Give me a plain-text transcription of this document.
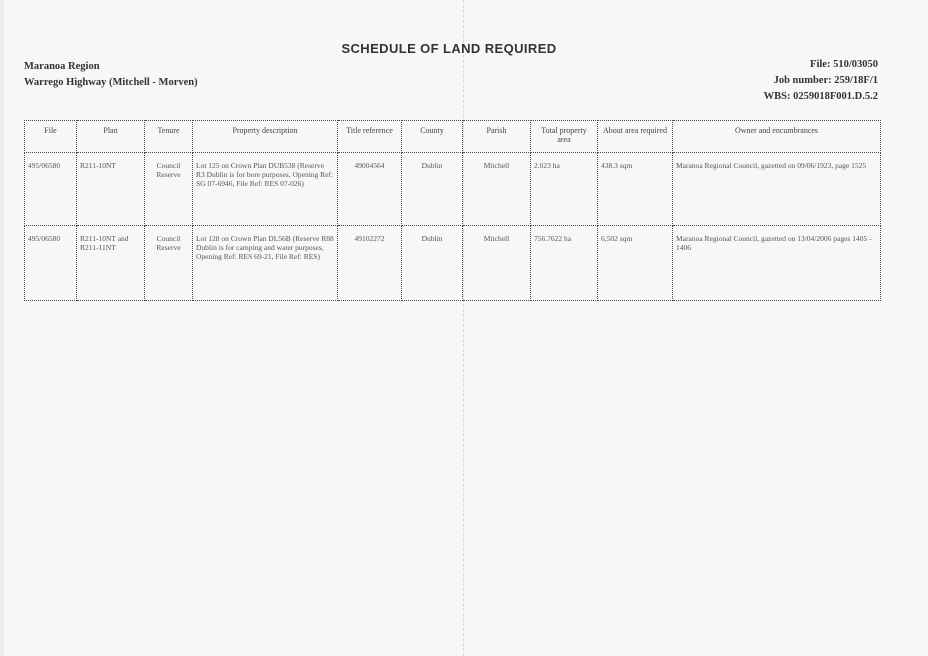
SCHEDULE OF LAND REQUIRED
Maranoa Region
Warrego Highway (Mitchell - Morven)
File: 510/03050
Job number: 259/18F/1
WBS: 0259018F001.D.5.2
File	Plan	Tenure	Property description	Title reference	County	Parish	Total property area	About area required	Owner and encumbrances
495/06580	R211-10NT	Council Reserve	Lot 125 on Crown Plan DUB538 (Reserve R3 Dublin is for bore purposes, Opening Ref: SG 07-6946, File Ref: RES 07-026)	49004564	Dublin	Mitchell	2.023 ha	438.3 sqm	Maranoa Regional Council, gazetted on 09/06/1923, page 1525
495/06580	R211-10NT and R211-11NT	Council Reserve	Lot 128 on Crown Plan DL56B (Reserve R88 Dublin is for camping and water purposes, Opening Ref: RES 69-21, File Ref: RES)	49102272	Dublin	Mitchell	756.7622 ha	6,502 sqm	Maranoa Regional Council, gazetted on 13/04/2006 pages 1405 - 1406
